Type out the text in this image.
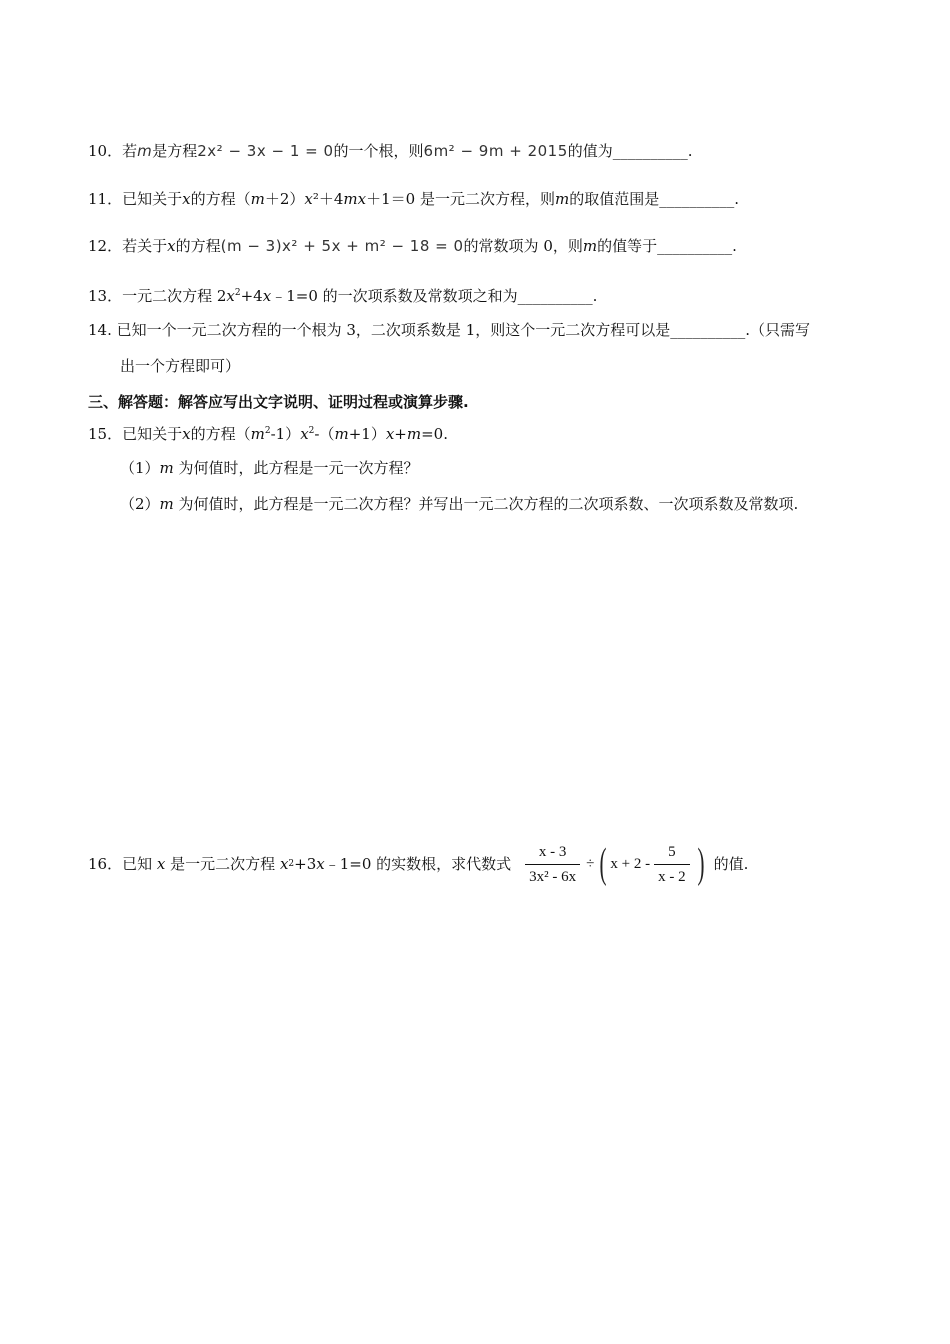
10．若m是方程2x² − 3x − 1 = 0的一个根，则6m² − 9m + 2015的值为__________.
11．已知关于x的方程（m＋2）x²＋4mx＋1＝0 是一元二次方程，则m的取值范围是__________.
12．若关于x的方程(m − 3)x² + 5x + m² − 18 = 0的常数项为 0，则m的值等于__________.
13．一元二次方程 $2x^2+4x﹣1=0$ 的一次项系数及常数项之和为__________.
14. 已知一个一元二次方程的一个根为 3，二次项系数是 1，则这个一元二次方程可以是__________.（只需写
出一个方程即可）
三、解答题：解答应写出文字说明、证明过程或演算步骤.
15．已知关于x的方程$(m^2-1)x^2-(m+1)x+m=0$.
（1）m 为何值时，此方程是一元一次方程？
（2）m 为何值时，此方程是一元二次方程？并写出一元二次方程的二次项系数、一次项系数及常数项.
16． 已知
x
是一元二次方程
x 2 +3 x ﹣1=0 的实数根，求代数式 $\frac{x - 3}{\text{3x² - 6x}}$ ÷ ( $x + 2 - \frac{5}{x - 2}$ ) 的值.
